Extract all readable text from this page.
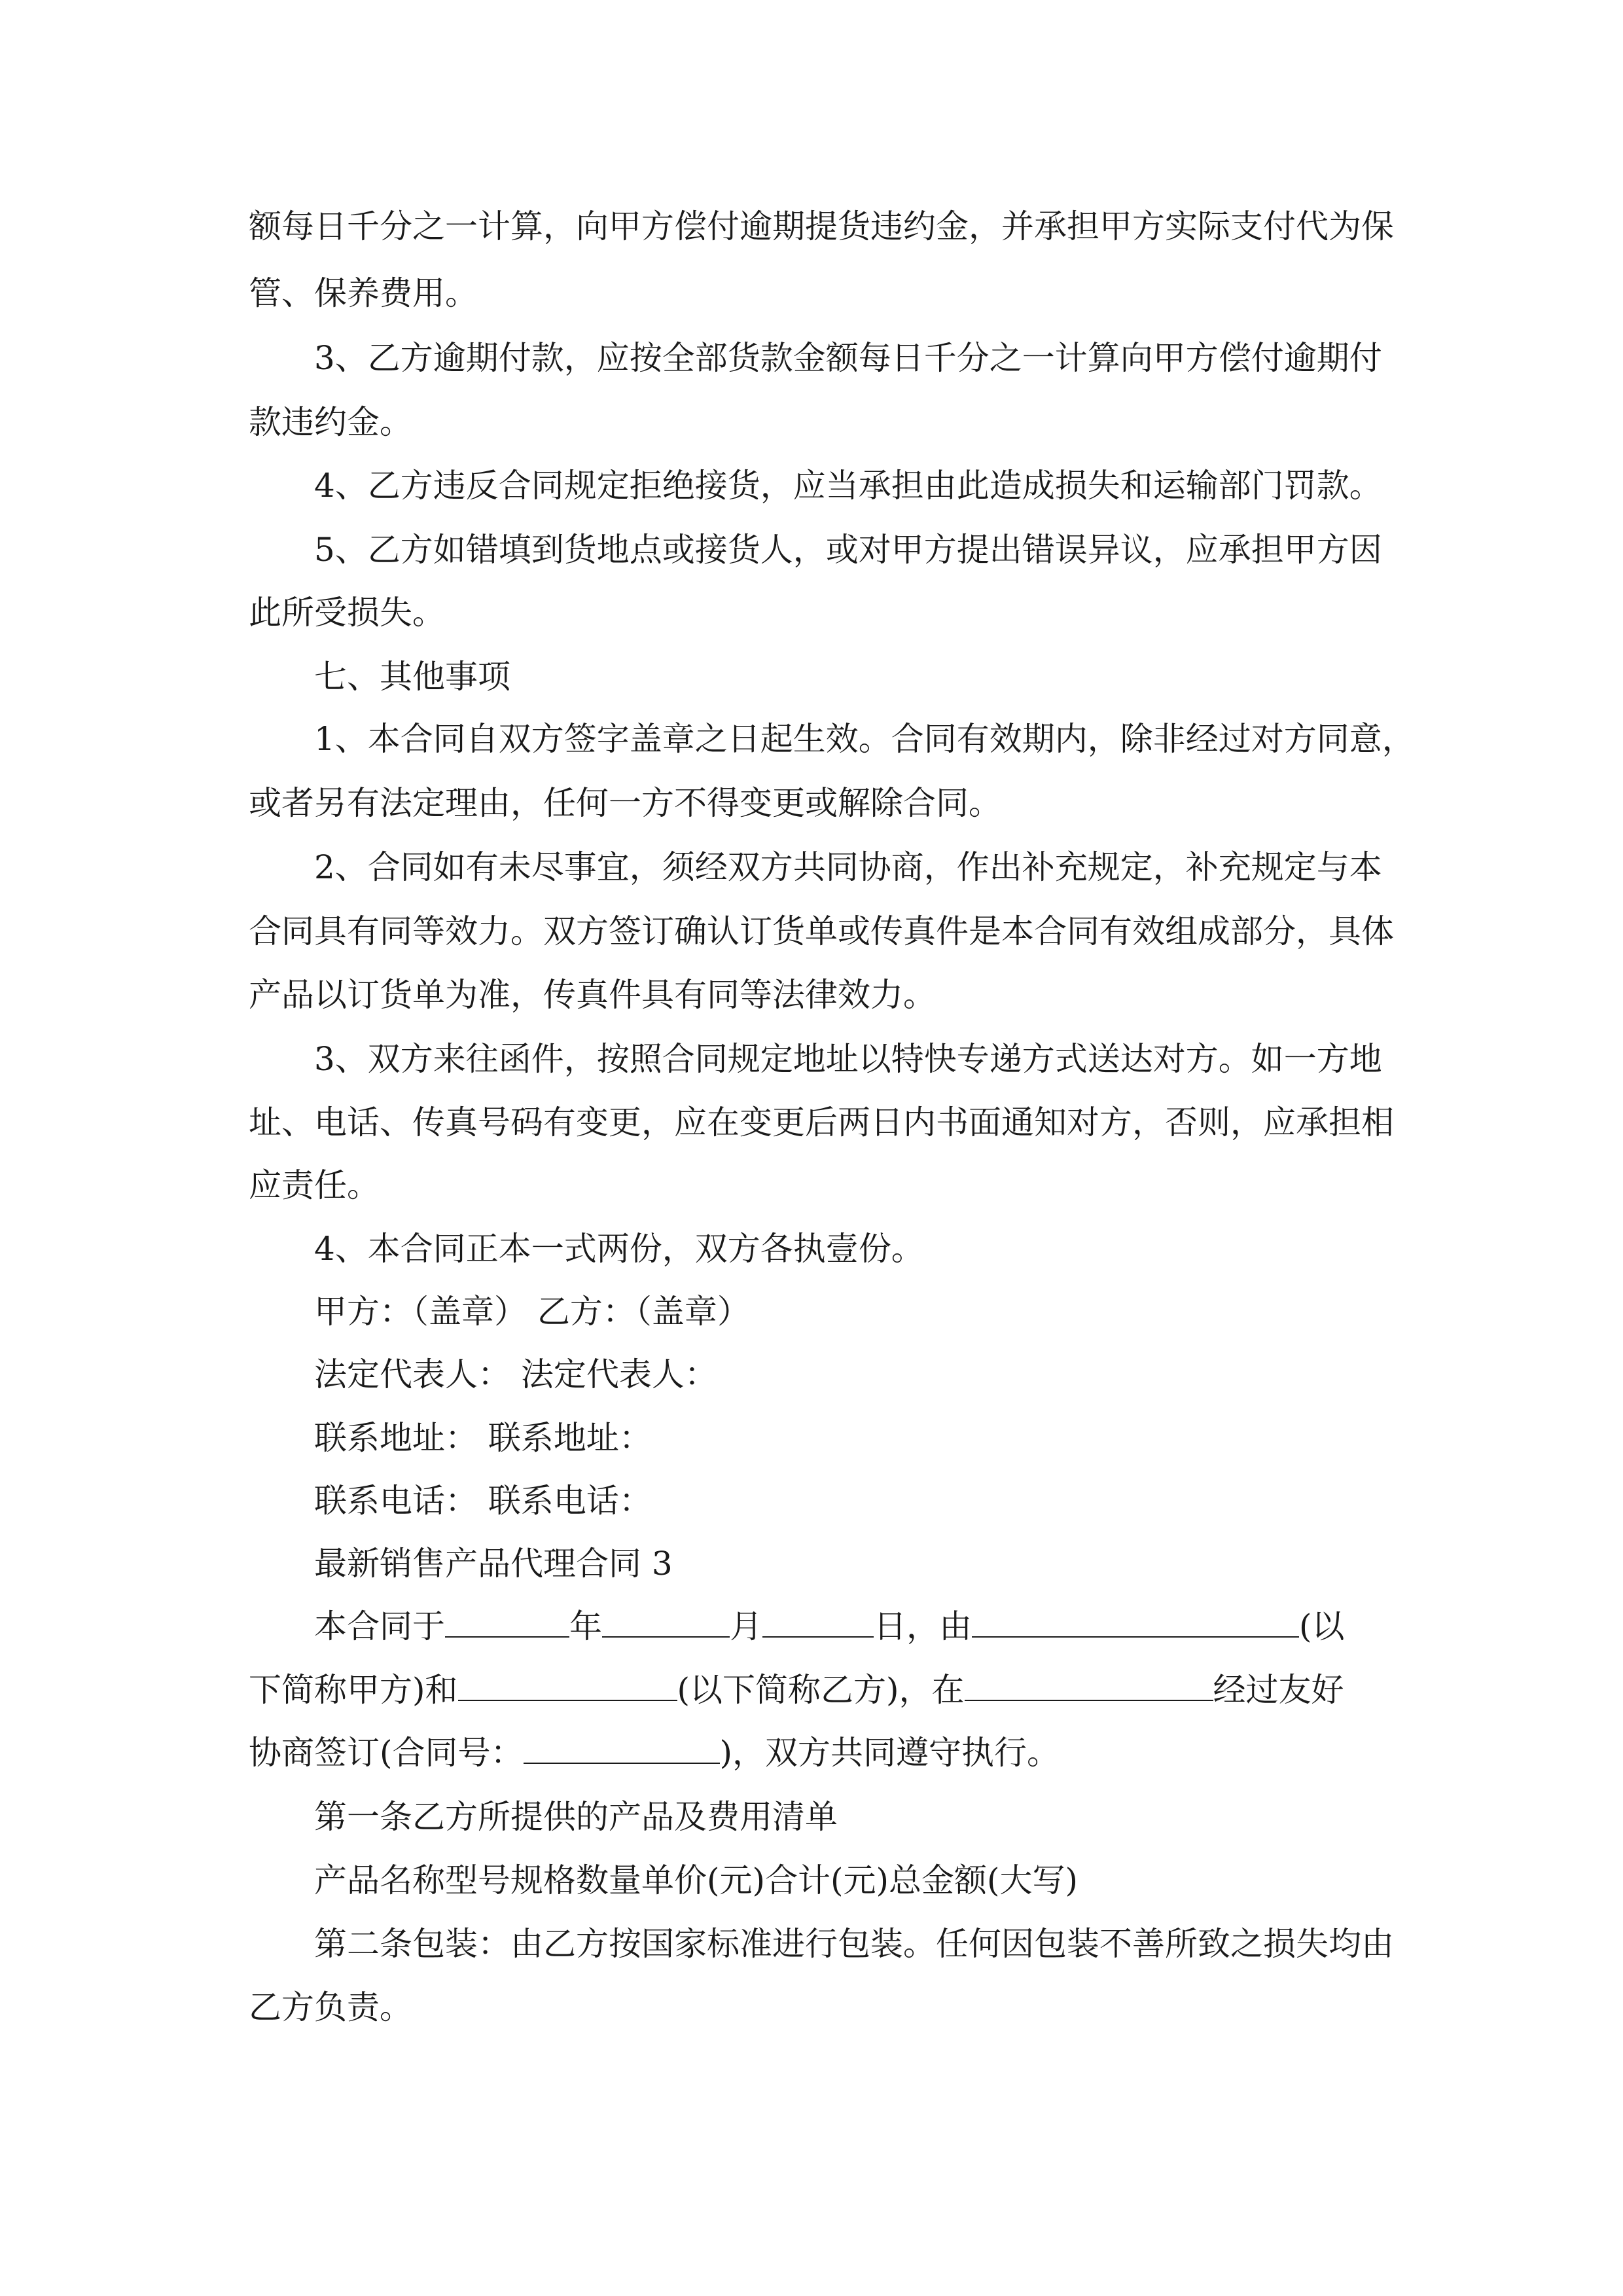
额每日千分之一计算，向甲方偿付逾期提货违约金，并承担甲方实际支付代为保
管、保养费用。
3、乙方逾期付款，应按全部货款金额每日千分之一计算向甲方偿付逾期付
款违约金。
4、乙方违反合同规定拒绝接货，应当承担由此造成损失和运输部门罚款。
5、乙方如错填到货地点或接货人，或对甲方提出错误异议，应承担甲方因
此所受损失。
七、其他事项
1、本合同自双方签字盖章之日起生效。合同有效期内，除非经过对方同意，
或者另有法定理由，任何一方不得变更或解除合同。
2、合同如有未尽事宜，须经双方共同协商，作出补充规定，补充规定与本
合同具有同等效力。双方签订确认订货单或传真件是本合同有效组成部分，具体
产品以订货单为准，传真件具有同等法律效力。
3、双方来往函件，按照合同规定地址以特快专递方式送达对方。如一方地
址、电话、传真号码有变更，应在变更后两日内书面通知对方，否则，应承担相
应责任。
4、本合同正本一式两份，双方各执壹份。
甲方：（盖章） 乙方：（盖章）
法定代表人： 法定代表人：
联系地址： 联系地址：
联系电话： 联系电话：
最新销售产品代理合同 3
本合同于	年	月	日，由	(以
下简称甲方)和	(以下简称乙方)，在	经过友好
协商签订(合同号：	)，双方共同遵守执行。
第一条乙方所提供的产品及费用清单
产品名称型号规格数量单价(元)合计(元)总金额(大写)
第二条包装：由乙方按国家标准进行包装。任何因包装不善所致之损失均由
乙方负责。
